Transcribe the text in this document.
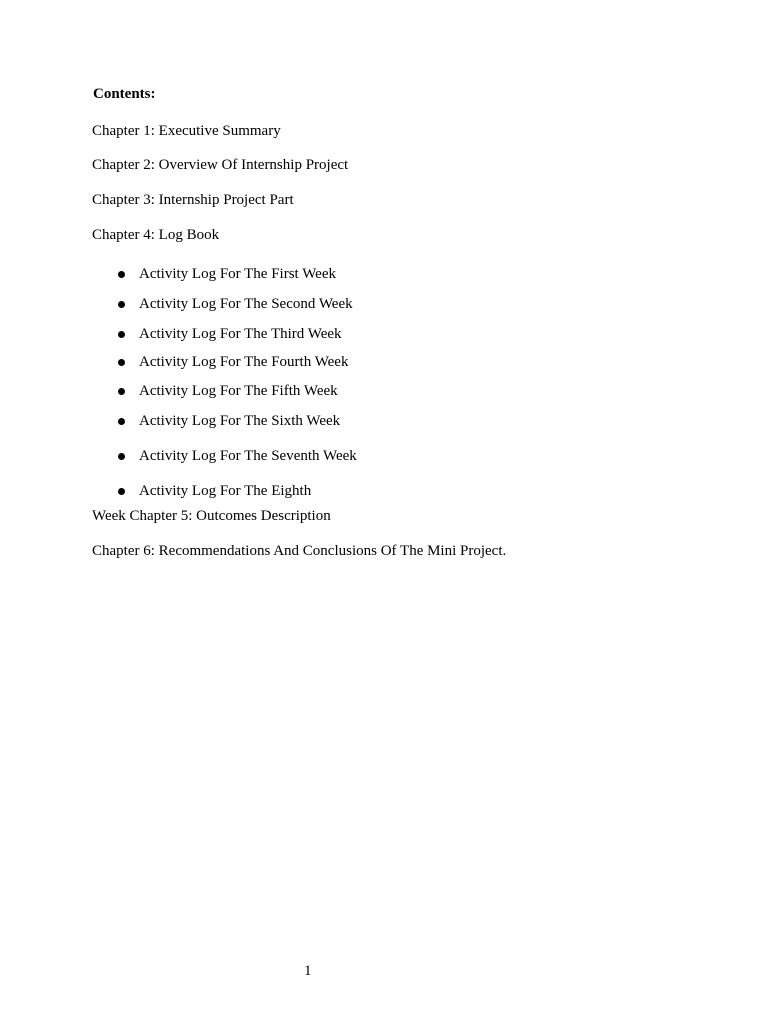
Contents:

Chapter 1: Executive Summary

Chapter 2: Overview Of Internship Project

Chapter 3: Internship Project Part

Chapter 4: Log Book

Activity Log For The First Week
Activity Log For The Second Week
Activity Log For The Third Week
Activity Log For The Fourth Week
Activity Log For The Fifth Week
Activity Log For The Sixth Week
Activity Log For The Seventh Week
Activity Log For The Eighth

Week Chapter 5: Outcomes Description

Chapter 6: Recommendations And Conclusions Of The Mini Project.

1
